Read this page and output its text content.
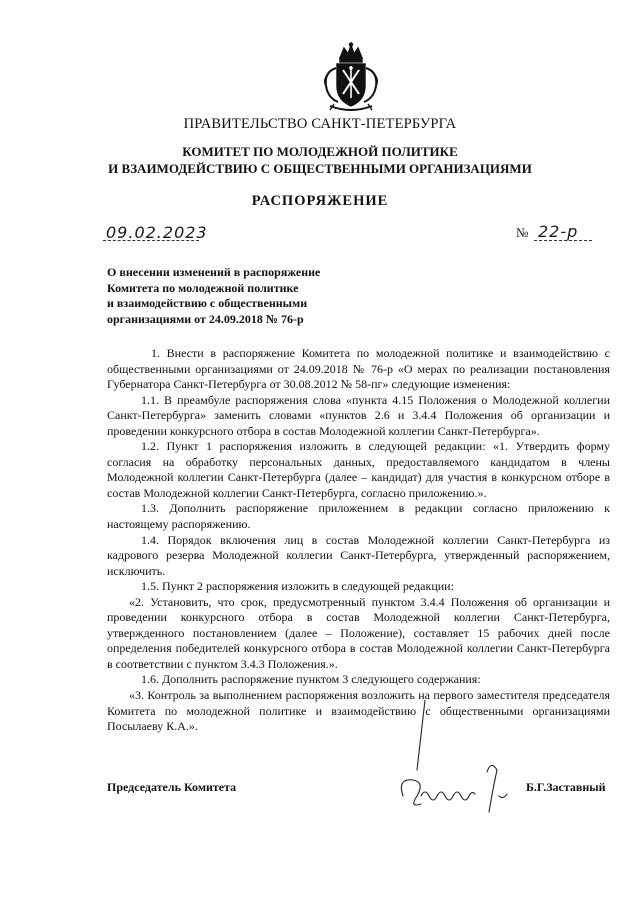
ПРАВИТЕЛЬСТВО САНКТ-ПЕТЕРБУРГА
КОМИТЕТ ПО МОЛОДЕЖНОЙ ПОЛИТИКЕ
И ВЗАИМОДЕЙСТВИЮ С ОБЩЕСТВЕННЫМИ ОРГАНИЗАЦИЯМИ
РАСПОРЯЖЕНИЕ
09.02.2023	№ 22-р
О внесении изменений в распоряжение
Комитета по молодежной политике
и взаимодействию с общественными
организациями от 24.09.2018 № 76-р

1. Внести в распоряжение Комитета по молодежной политике и взаимодействию с общественными организациями от 24.09.2018 № 76-р «О мерах по реализации постановления Губернатора Санкт-Петербурга от 30.08.2012 № 58-пг» следующие изменения:

1.1. В преамбуле распоряжения слова «пункта 4.15 Положения о Молодежной коллегии Санкт-Петербурга» заменить словами «пунктов 2.6 и 3.4.4 Положения об организации и проведении конкурсного отбора в состав Молодежной коллегии Санкт-Петербурга».

1.2. Пункт 1 распоряжения изложить в следующей редакции: «1. Утвердить форму согласия на обработку персональных данных, предоставляемого кандидатом в члены Молодежной коллегии Санкт-Петербурга (далее – кандидат) для участия в конкурсном отборе в состав Молодежной коллегии Санкт-Петербурга, согласно приложению.».

1.3. Дополнить распоряжение приложением в редакции согласно приложению к настоящему распоряжению.

1.4. Порядок включения лиц в состав Молодежной коллегии Санкт-Петербурга из кадрового резерва Молодежной коллегии Санкт-Петербурга, утвержденный распоряжением, исключить.

1.5. Пункт 2 распоряжения изложить в следующей редакции:

«2. Установить, что срок, предусмотренный пунктом 3.4.4 Положения об организации и проведении конкурсного отбора в состав Молодежной коллегии Санкт-Петербурга, утвержденного постановлением (далее – Положение), составляет 15 рабочих дней после определения победителей конкурсного отбора в состав Молодежной коллегии Санкт-Петербурга в соответствии с пунктом 3.4.3 Положения.».

1.6. Дополнить распоряжение пунктом 3 следующего содержания:

«3. Контроль за выполнением распоряжения возложить на первого заместителя председателя Комитета по молодежной политике и взаимодействию с общественными организациями Посылаеву К.А.».

Председатель Комитета	Б.Г.Заставный
